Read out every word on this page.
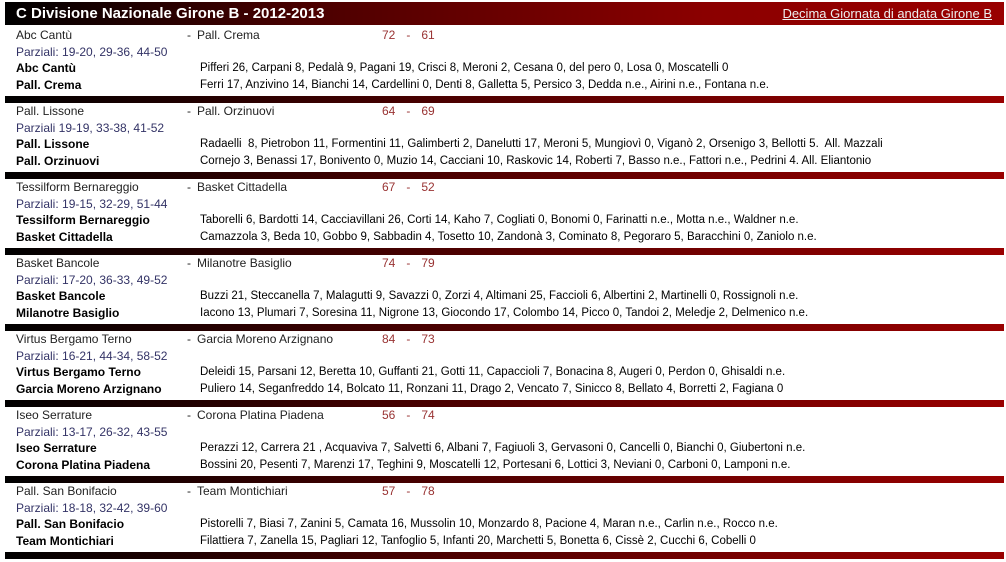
C Divisione Nazionale Girone B - 2012-2013	Decima Giornata di andata Girone B
Abc Cantù	- Pall. Crema	72 - 61
Parziali: 19-20, 29-36, 44-50
Abc Cantù	Pifferi 26, Carpani 8, Pedalà 9, Pagani 19, Crisci 8, Meroni 2, Cesana 0, del pero 0, Losa 0, Moscatelli 0
Pall. Crema	Ferri 17, Anzivino 14, Bianchi 14, Cardellini 0, Denti 8, Galletta 5, Persico 3, Dedda n.e., Airini n.e., Fontana n.e.
Pall. Lissone	- Pall. Orzinuovi	64 - 69
Parziali 19-19, 33-38, 41-52
Pall. Lissone	Radaelli  8, Pietrobon 11, Formentini 11, Galimberti 2, Danelutti 17, Meroni 5, Mungiovì 0, Viganò 2, Orsenigo 3, Bellotti 5.  All. Mazzali
Pall. Orzinuovi	Cornejo 3, Benassi 17, Bonivento 0, Muzio 14, Cacciani 10, Raskovic 14, Roberti 7, Basso n.e., Fattori n.e., Pedrini 4. All. Eliantonio
Tessilform Bernareggio	- Basket Cittadella	67 - 52
Parziali: 19-15, 32-29, 51-44
Tessilform Bernareggio	Taborelli 6, Bardotti 14, Cacciavillani 26, Corti 14, Kaho 7, Cogliati 0, Bonomi 0, Farinatti n.e., Motta n.e., Waldner n.e.
Basket Cittadella	Camazzola 3, Beda 10, Gobbo 9, Sabbadin 4, Tosetto 10, Zandonà 3, Cominato 8, Pegoraro 5, Baracchini 0, Zaniolo n.e.
Basket Bancole	- Milanotre Basiglio	74 - 79
Parziali: 17-20, 36-33, 49-52
Basket Bancole	Buzzi 21, Steccanella 7, Malagutti 9, Savazzi 0, Zorzi 4, Altimani 25, Faccioli 6, Albertini 2, Martinelli 0, Rossignoli n.e.
Milanotre Basiglio	Iacono 13, Plumari 7, Soresina 11, Nigrone 13, Giocondo 17, Colombo 14, Picco 0, Tandoi 2, Meledje 2, Delmenico n.e.
Virtus Bergamo Terno	- Garcia Moreno Arzignano	84 - 73
Parziali: 16-21, 44-34, 58-52
Virtus Bergamo Terno	Deleidi 15, Parsani 12, Beretta 10, Guffanti 21, Gotti 11, Capaccioli 7, Bonacina 8, Augeri 0, Perdon 0, Ghisaldi n.e.
Garcia Moreno Arzignano	Puliero 14, Seganfreddo 14, Bolcato 11, Ronzani 11, Drago 2, Vencato 7, Sinicco 8, Bellato 4, Borretti 2, Fagiana 0
Iseo Serrature	- Corona Platina Piadena	56 - 74
Parziali: 13-17, 26-32, 43-55
Iseo Serrature	Perazzi 12, Carrera 21 , Acquaviva 7, Salvetti 6, Albani 7, Fagiuoli 3, Gervasoni 0, Cancelli 0, Bianchi 0, Giubertoni n.e.
Corona Platina Piadena	Bossini 20, Pesenti 7, Marenzi 17, Teghini 9, Moscatelli 12, Portesani 6, Lottici 3, Neviani 0, Carboni 0, Lamponi n.e.
Pall. San Bonifacio	- Team Montichiari	57 - 78
Parziali: 18-18, 32-42, 39-60
Pall. San Bonifacio	Pistorelli 7, Biasi 7, Zanini 5, Camata 16, Mussolin 10, Monzardo 8, Pacione 4, Maran n.e., Carlin n.e., Rocco n.e.
Team Montichiari	Filattiera 7, Zanella 15, Pagliari 12, Tanfoglio 5, Infanti 20, Marchetti 5, Bonetta 6, Cissè 2, Cucchi 6, Cobelli 0
